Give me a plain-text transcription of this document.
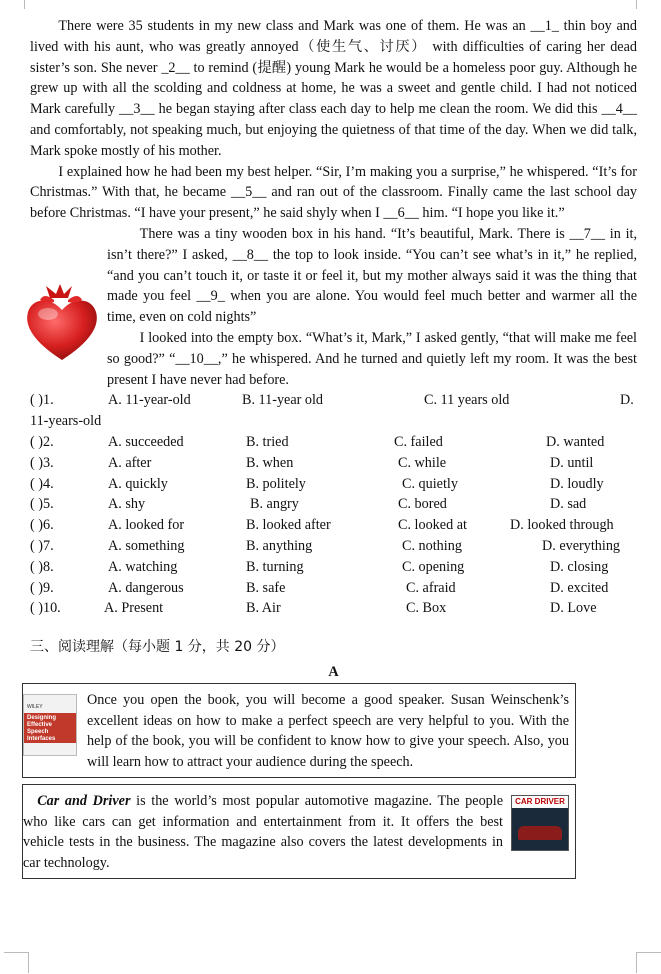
There were 35 students in my new class and Mark was one of them. He was an __1_ thin boy and lived with his aunt, who was greatly annoyed（使生气、讨厌） with difficulties of caring her dead sister’s son. She never _2__ to remind (提醒) young Mark he would be a homeless poor guy. Although he grew up with all the scolding and coldness at home, he was a sweet and gentle child. I had not noticed Mark carefully __3__ he began staying after class each day to help me clean the room. We did this __4__ and comfortably, not speaking much, but enjoying the quietness of that time of the day. When we did talk, Mark spoke mostly of his mother.

I explained how he had been my best helper. “Sir, I’m making you a surprise,” he whispered. “It’s for Christmas.” With that, he became __5__ and ran out of the classroom. Finally came the last school day before Christmas. “I have your present,” he said shyly when I __6__ him. “I hope you like it.”

There was a tiny wooden box in his hand. “It’s beautiful, Mark. There is __7__ in it, isn’t there?” I asked, __8__ the top to look inside. “You can’t see what’s in it,” he replied, “and you can’t touch it, or taste it or feel it, but my mother always said it was the thing that made you feel __9_ when you are alone. You would feel much better and warmer all the time, even on cold nights”

I looked into the empty box. “What’s it, Mark,” I asked gently, “that will make me feel so good?” “__10__,” he whispered. And he turned and quietly left my room. It was the best present I have never had before.

( )1.	A. 11-year-old	B. 11-year old	C. 11 years old	D.
11-years-old
( )2.	A. succeeded	B. tried	C. failed	D. wanted
( )3.	A. after	B. when	C. while	D. until
( )4.	A. quickly	B. politely	C. quietly	D. loudly
( )5.	A. shy	B. angry	C. bored	D. sad
( )6.	A. looked for	B. looked after	C. looked at	D. looked through
( )7.	A. something	B. anything	C. nothing	D. everything
( )8.	A. watching	B. turning	C. opening	D. closing
( )9.	A. dangerous	B. safe	C. afraid	D. excited
( )10.	A. Present	B. Air	C. Box	D. Love
三、阅读理解（每小题 1 分，共 20 分）
A
WILEY
Designing Effective Speech Interfaces

Once you open the book, you will become a good speaker. Susan Weinschenk’s excellent ideas on how to make a perfect speech are very helpful to you. With the help of the book, you will be confident to know how to give your speech. Also, you will learn how to attract your audience during the speech.

CAR DRIVER

Car and Driver is the world’s most popular automotive magazine. The people who like cars can get information and entertainment from it. It offers the best vehicle tests in the business. The magazine also covers the latest developments in car technology.
